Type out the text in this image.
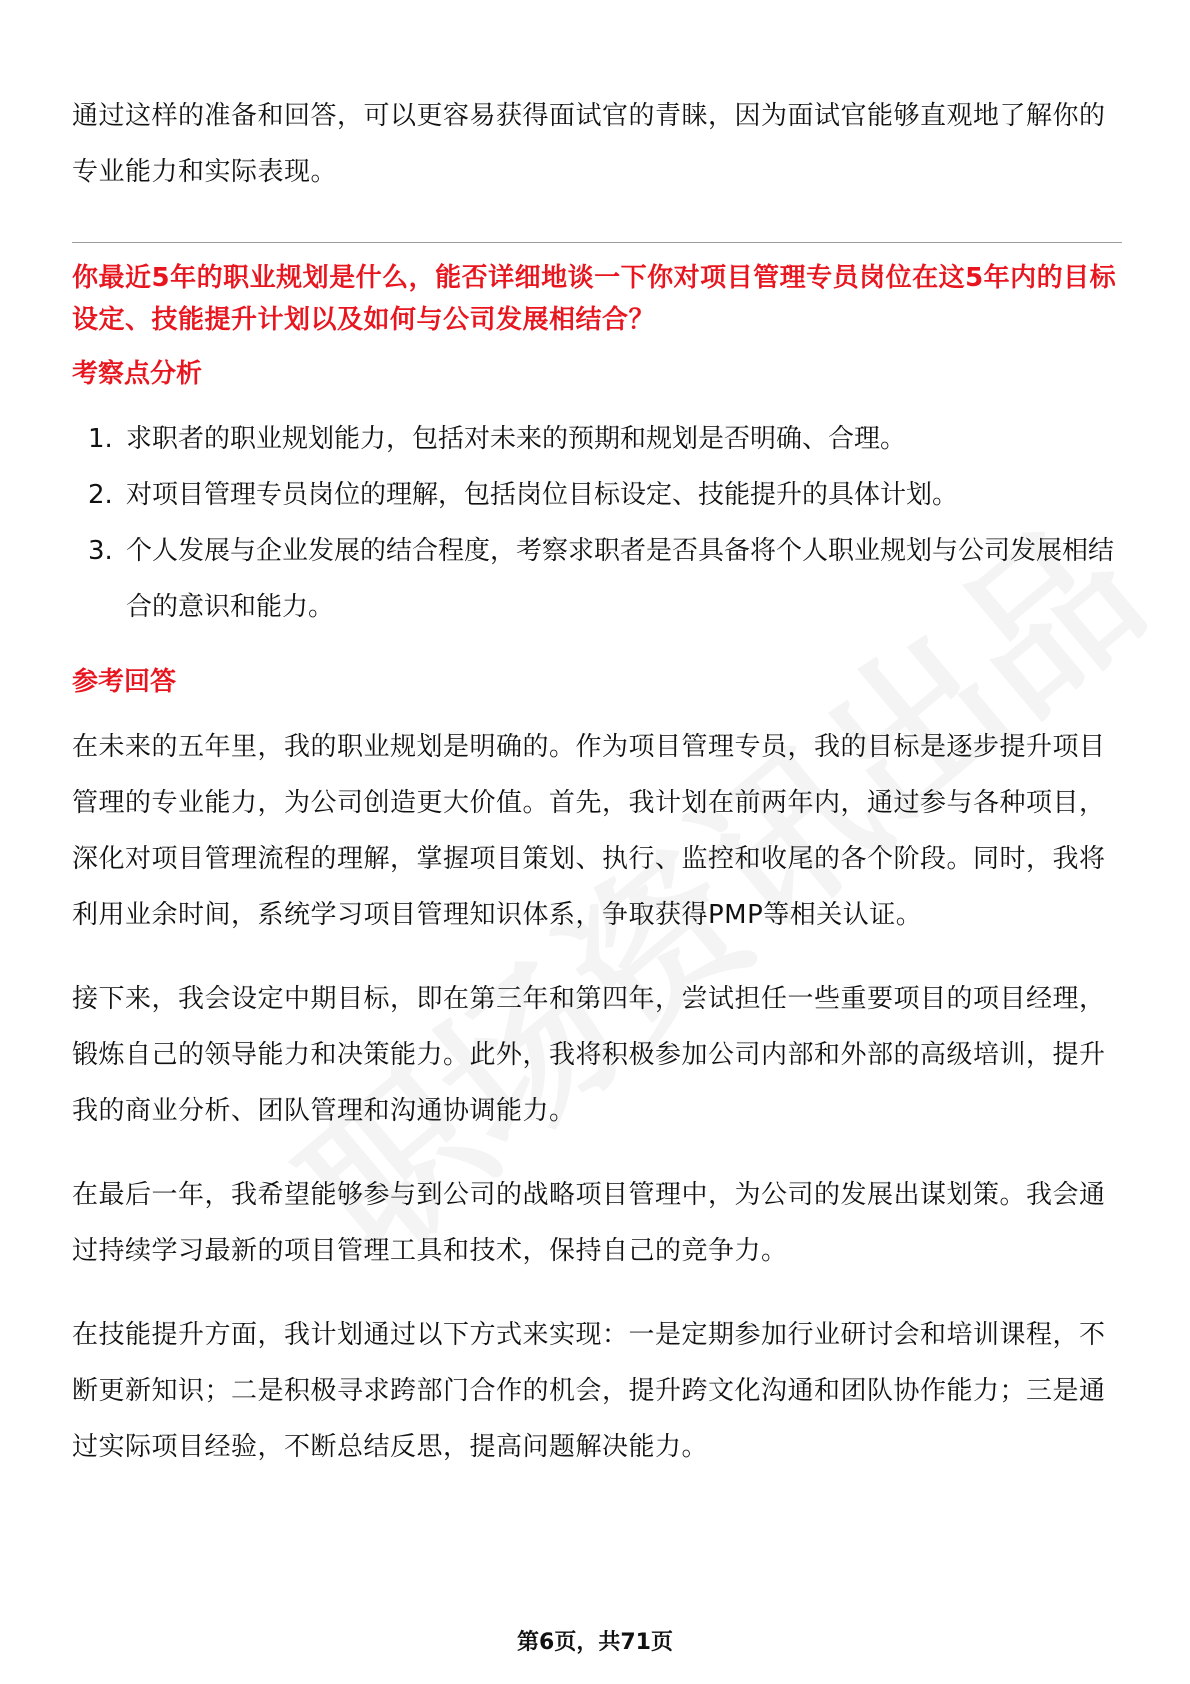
通过这样的准备和回答，可以更容易获得面试官的青睐，因为面试官能够直观地了解你的专业能力和实际表现。

你最近5年的职业规划是什么，能否详细地谈一下你对项目管理专员岗位在这5年内的目标设定、技能提升计划以及如何与公司发展相结合？

考察点分析
1. 求职者的职业规划能力，包括对未来的预期和规划是否明确、合理。
2. 对项目管理专员岗位的理解，包括岗位目标设定、技能提升的具体计划。
3. 个人发展与企业发展的结合程度，考察求职者是否具备将个人职业规划与公司发展相结合的意识和能力。
参考回答

在未来的五年里，我的职业规划是明确的。作为项目管理专员，我的目标是逐步提升项目管理的专业能力，为公司创造更大价值。首先，我计划在前两年内，通过参与各种项目，深化对项目管理流程的理解，掌握项目策划、执行、监控和收尾的各个阶段。同时，我将利用业余时间，系统学习项目管理知识体系，争取获得PMP等相关认证。

接下来，我会设定中期目标，即在第三年和第四年，尝试担任一些重要项目的项目经理，锻炼自己的领导能力和决策能力。此外，我将积极参加公司内部和外部的高级培训，提升我的商业分析、团队管理和沟通协调能力。

在最后一年，我希望能够参与到公司的战略项目管理中，为公司的发展出谋划策。我会通过持续学习最新的项目管理工具和技术，保持自己的竞争力。

在技能提升方面，我计划通过以下方式来实现：一是定期参加行业研讨会和培训课程，不断更新知识；二是积极寻求跨部门合作的机会，提升跨文化沟通和团队协作能力；三是通过实际项目经验，不断总结反思，提高问题解决能力。

第6页，共71页
